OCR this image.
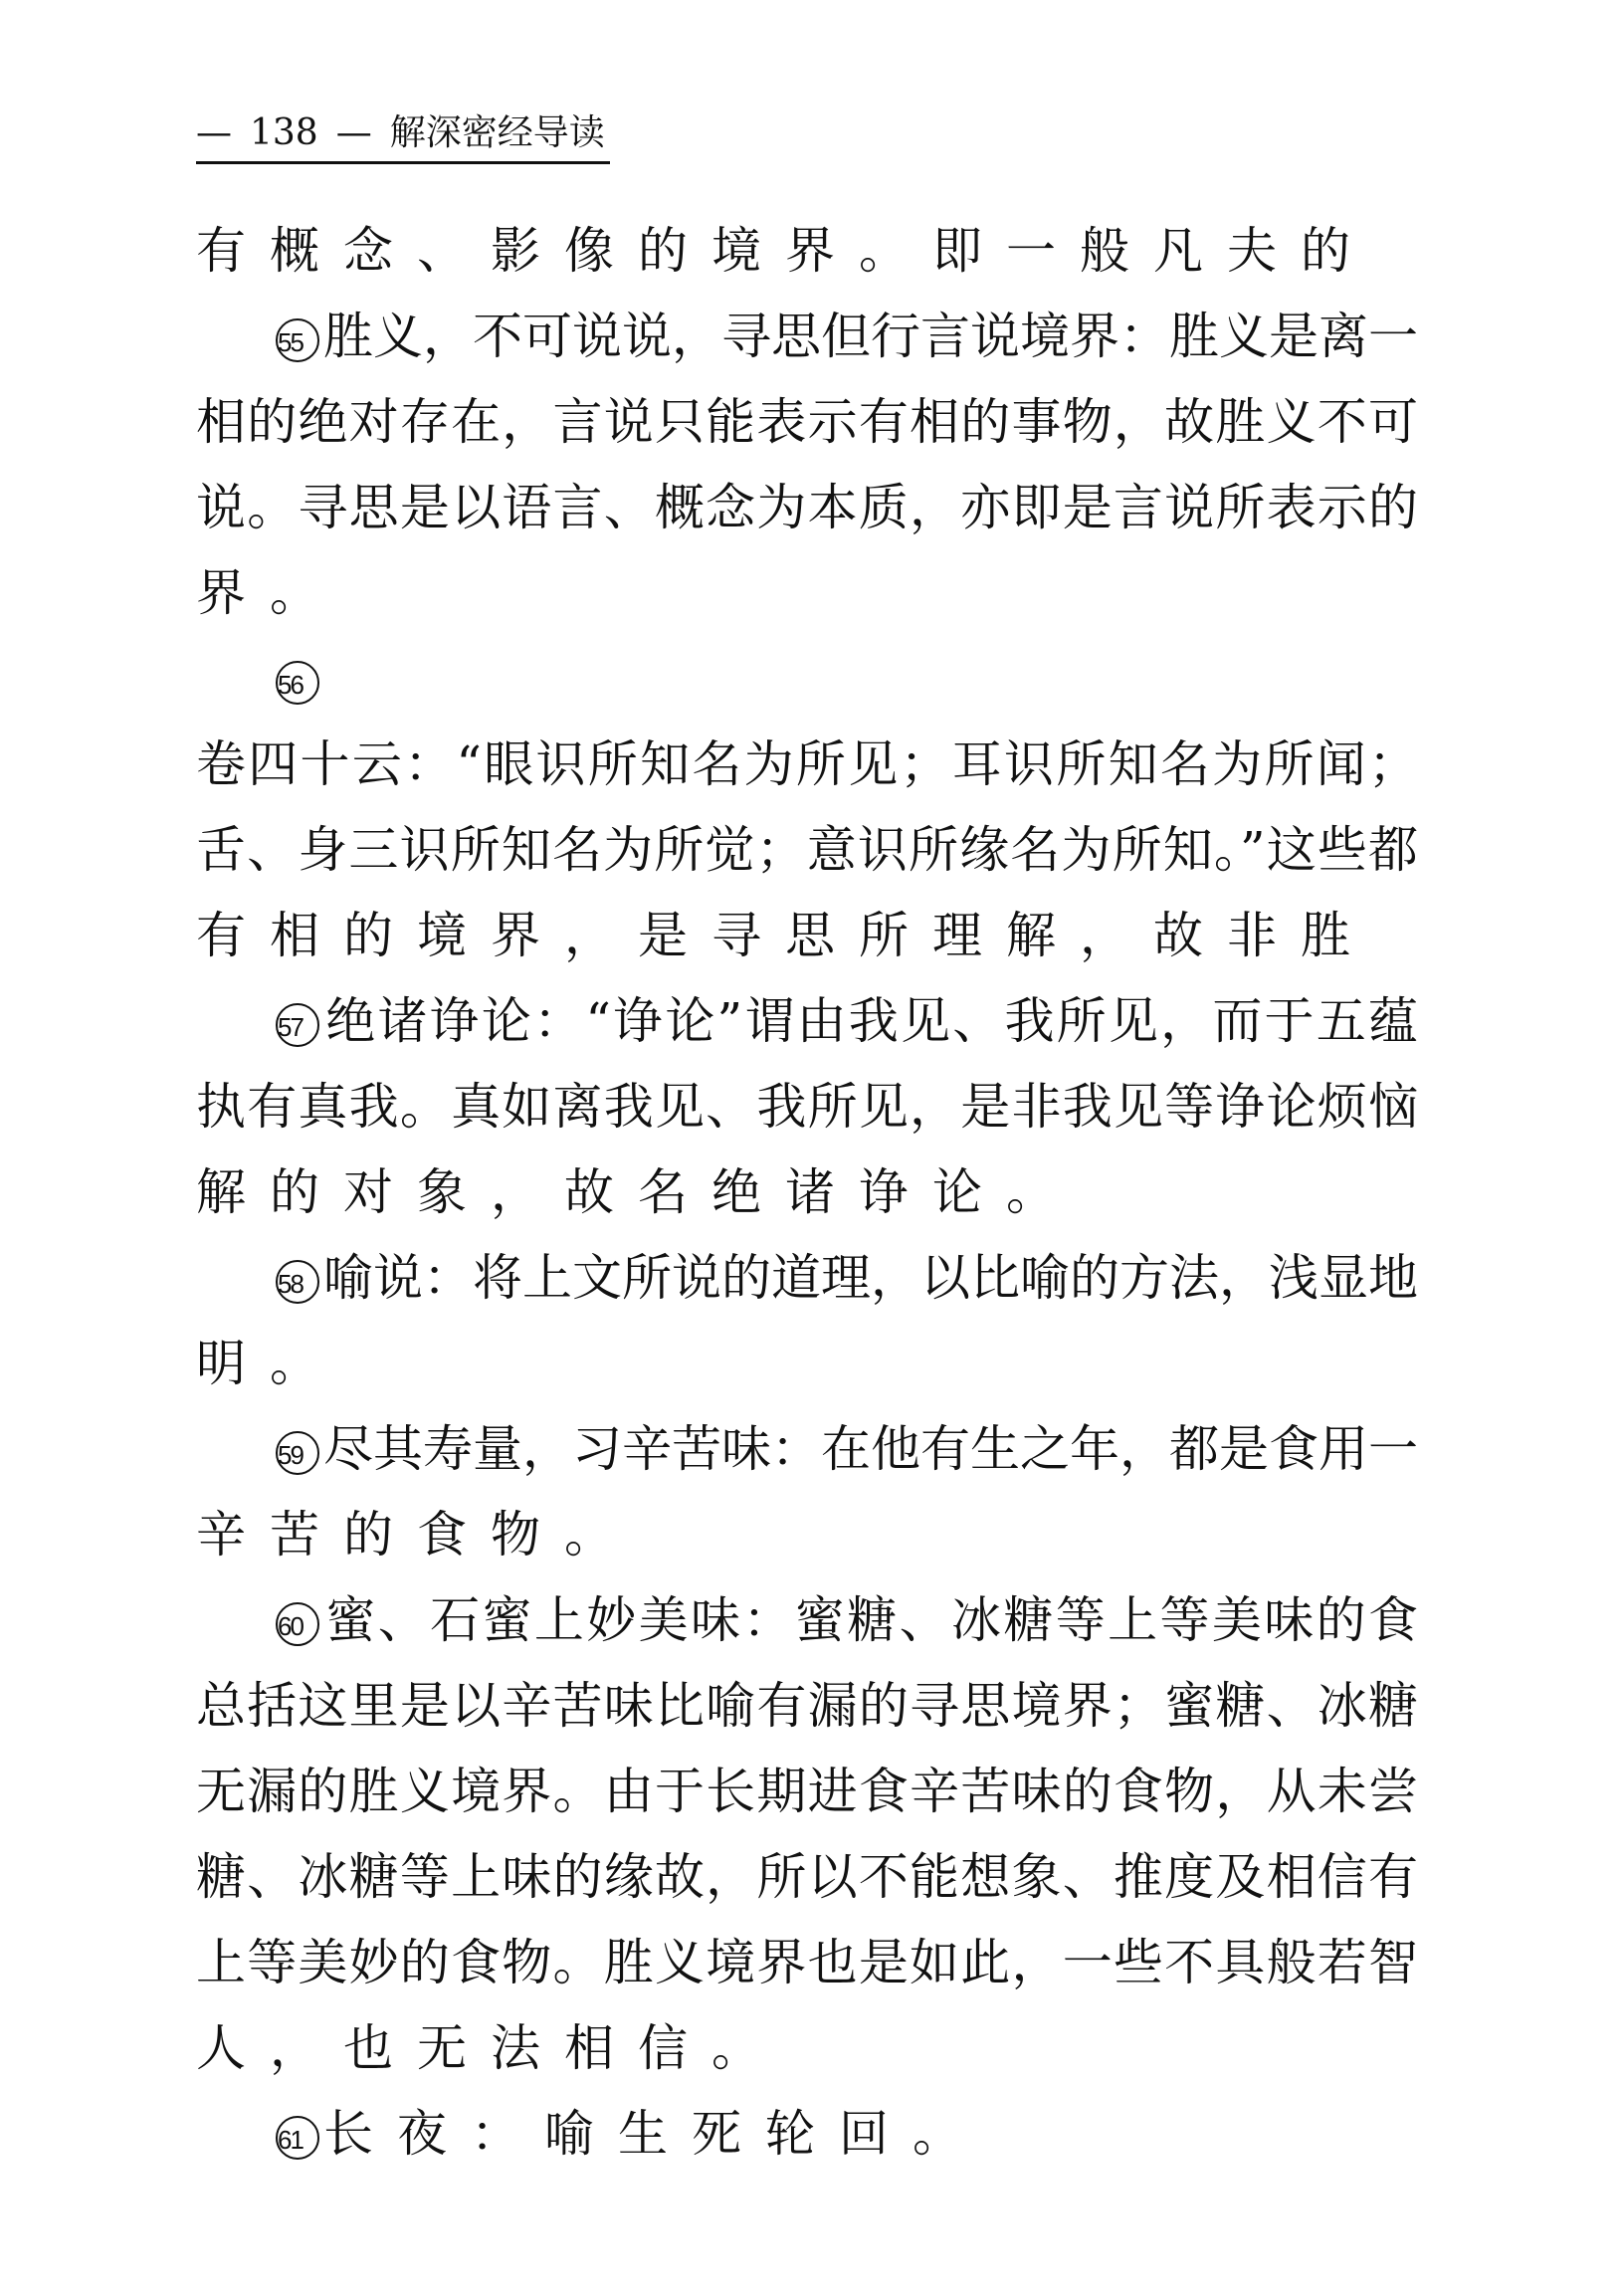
— 138 — 解深密经导读
有概念、影像的境界。即一般凡夫的
55 胜义，不可说说，寻思但行言说境界：胜义是离一
相的绝对存在，言说只能表示有相的事物，故胜义不可
说。寻思是以语言、概念为本质，亦即是言说所表示的
界。
56
卷四十云：“眼识所知名为所见；耳识所知名为所闻；
舌、身三识所知名为所觉；意识所缘名为所知。”这些都
有相的境界，是寻思所理解，故非胜
57 绝诸诤论：“诤论”谓由我见、我所见，而于五蕴
执有真我。真如离我见、我所见，是非我见等诤论烦恼
解的对象，故名绝诸诤论。
58 喻说：将上文所说的道理，以比喻的方法，浅显地
明。
59 尽其寿量，习辛苦味：在他有生之年，都是食用一
辛苦的食物。
60 蜜、石蜜上妙美味：蜜糖、冰糖等上等美味的食
总括这里是以辛苦味比喻有漏的寻思境界；蜜糖、冰糖
无漏的胜义境界。由于长期进食辛苦味的食物，从未尝
糖、冰糖等上味的缘故，所以不能想象、推度及相信有
上等美妙的食物。胜义境界也是如此，一些不具般若智
人，也无法相信。
61 长夜：喻生死轮回。
